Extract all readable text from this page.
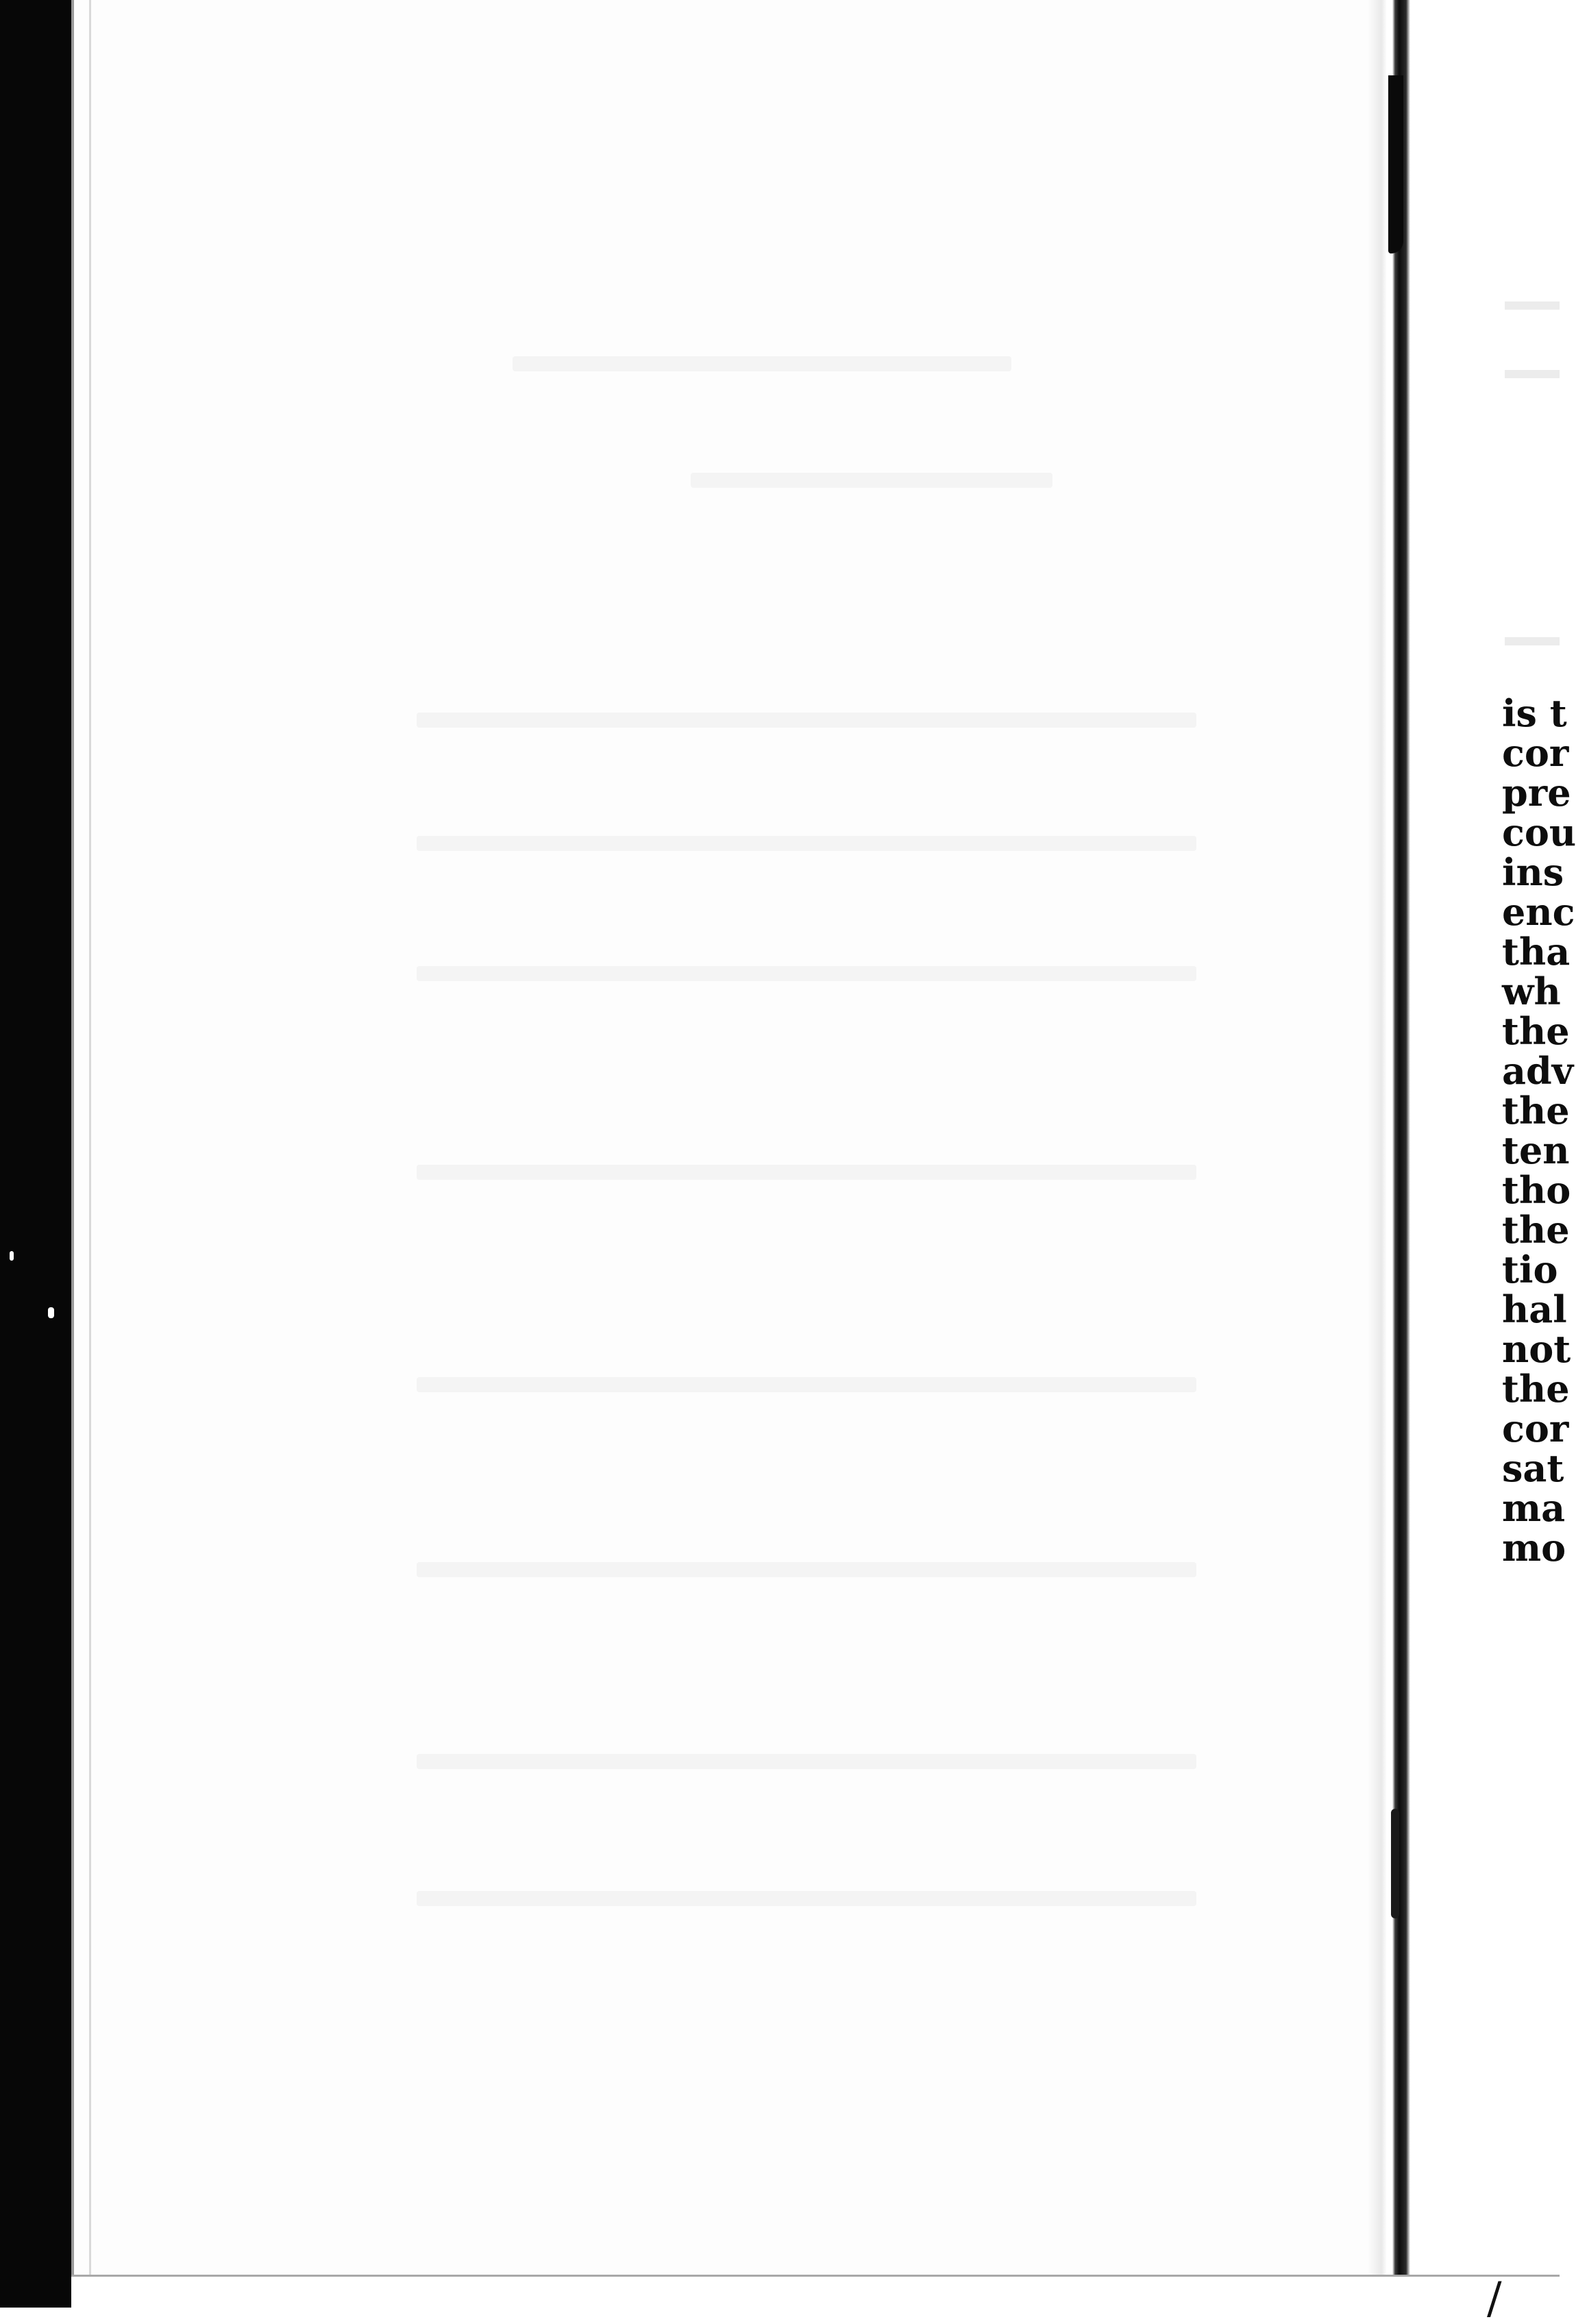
is t
cor
pre
cou
ins
enc
tha
wh
the
adv
the
ten
tho
the
tio
hal
not
the
cor
sat
ma
mo
/
